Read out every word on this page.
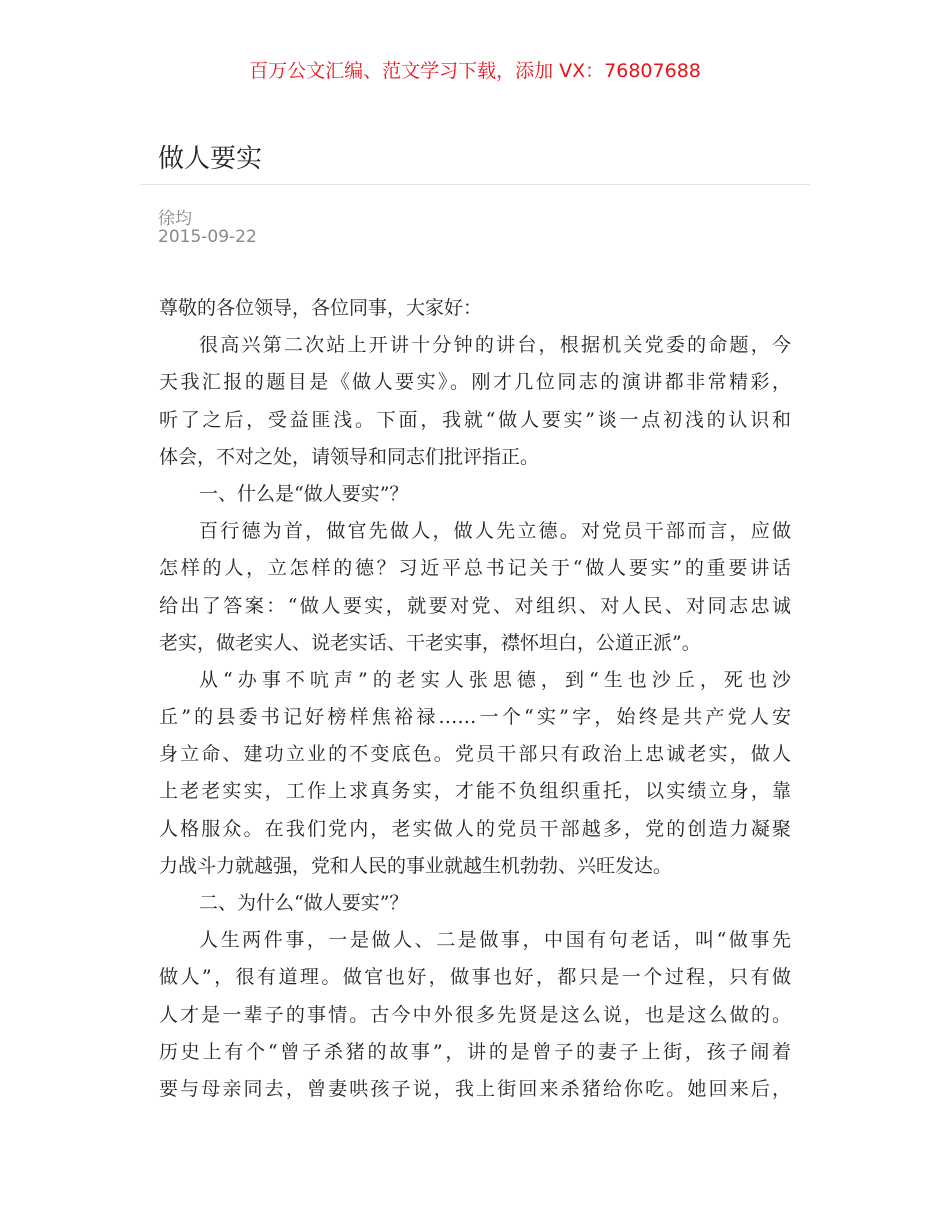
百万公文汇编、范文学习下载，添加 VX：76807688
做人要实
徐均
2015-09-22
尊敬的各位领导，各位同事，大家好：
很高兴第二次站上开讲十分钟的讲台，根据机关党委的命题，今
天我汇报的题目是《做人要实》。刚才几位同志的演讲都非常精彩，
听了之后，受益匪浅。下面，我就“做人要实”谈一点初浅的认识和
体会，不对之处，请领导和同志们批评指正。
一、什么是“做人要实”？
百行德为首，做官先做人，做人先立德。对党员干部而言，应做
怎样的人，立怎样的德？习近平总书记关于“做人要实”的重要讲话
给出了答案：“做人要实，就要对党、对组织、对人民、对同志忠诚
老实，做老实人、说老实话、干老实事，襟怀坦白，公道正派”。
从“办事不吭声”的老实人张思德，到“生也沙丘，死也沙
丘”的县委书记好榜样焦裕禄……一个“实”字，始终是共产党人安
身立命、建功立业的不变底色。党员干部只有政治上忠诚老实，做人
上老老实实，工作上求真务实，才能不负组织重托，以实绩立身，靠
人格服众。在我们党内，老实做人的党员干部越多，党的创造力凝聚
力战斗力就越强，党和人民的事业就越生机勃勃、兴旺发达。
二、为什么“做人要实”？
人生两件事，一是做人、二是做事，中国有句老话，叫“做事先
做人”，很有道理。做官也好，做事也好，都只是一个过程，只有做
人才是一辈子的事情。古今中外很多先贤是这么说，也是这么做的。
历史上有个“曾子杀猪的故事”，讲的是曾子的妻子上街，孩子闹着
要与母亲同去，曾妻哄孩子说，我上街回来杀猪给你吃。她回来后，
